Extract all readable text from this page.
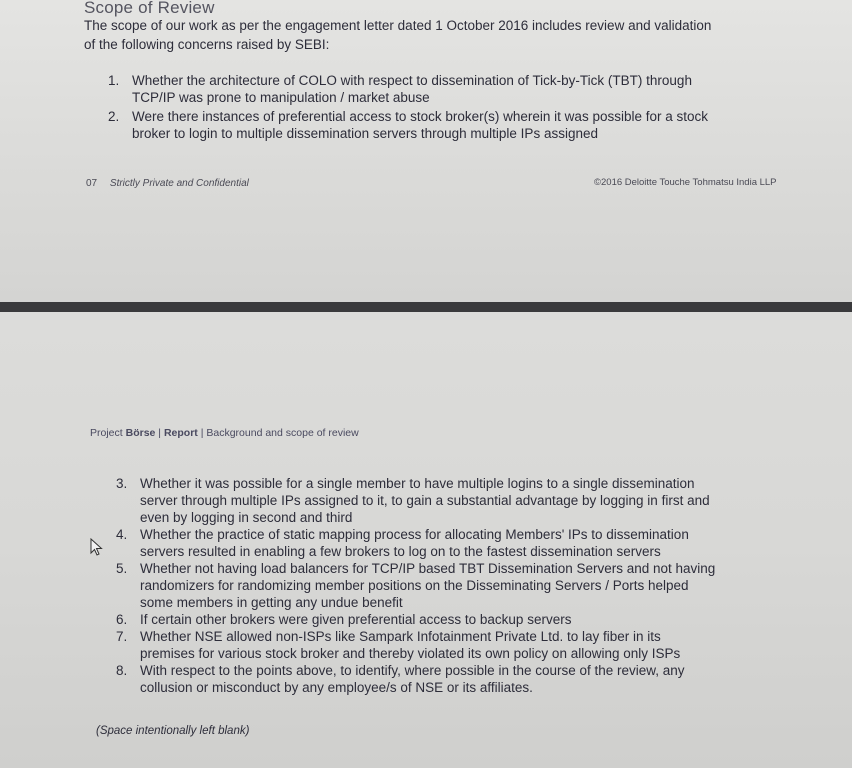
Scope of Review
The scope of our work as per the engagement letter dated 1 October 2016 includes review and validation of the following concerns raised by SEBI:
1. Whether the architecture of COLO with respect to dissemination of Tick-by-Tick (TBT) through TCP/IP was prone to manipulation / market abuse
2. Were there instances of preferential access to stock broker(s) wherein it was possible for a stock broker to login to multiple dissemination servers through multiple IPs assigned
07 Strictly Private and Confidential	©2016 Deloitte Touche Tohmatsu India LLP
Project Börse | Report | Background and scope of review
3. Whether it was possible for a single member to have multiple logins to a single dissemination server through multiple IPs assigned to it, to gain a substantial advantage by logging in first and even by logging in second and third
4. Whether the practice of static mapping process for allocating Members' IPs to dissemination servers resulted in enabling a few brokers to log on to the fastest dissemination servers
5. Whether not having load balancers for TCP/IP based TBT Dissemination Servers and not having randomizers for randomizing member positions on the Disseminating Servers / Ports helped some members in getting any undue benefit
6. If certain other brokers were given preferential access to backup servers
7. Whether NSE allowed non-ISPs like Sampark Infotainment Private Ltd. to lay fiber in its premises for various stock broker and thereby violated its own policy on allowing only ISPs
8. With respect to the points above, to identify, where possible in the course of the review, any collusion or misconduct by any employee/s of NSE or its affiliates.
(Space intentionally left blank)
